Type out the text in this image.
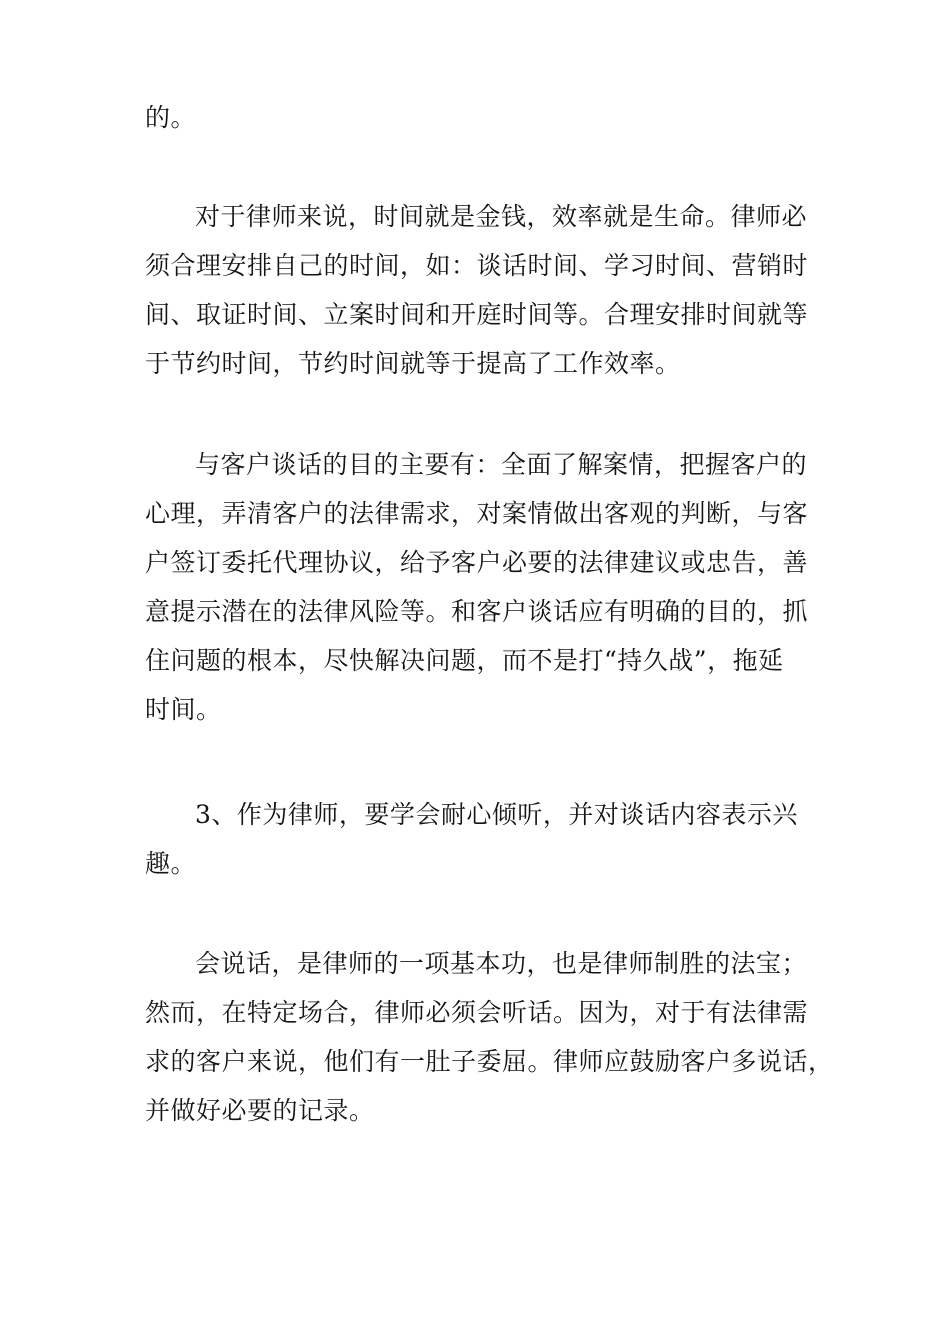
的。
对于律师来说，时间就是金钱，效率就是生命。律师必
须合理安排自己的时间，如：谈话时间、学习时间、营销时
间、取证时间、立案时间和开庭时间等。合理安排时间就等
于节约时间，节约时间就等于提高了工作效率。
与客户谈话的目的主要有：全面了解案情，把握客户的
心理，弄清客户的法律需求，对案情做出客观的判断，与客
户签订委托代理协议，给予客户必要的法律建议或忠告，善
意提示潜在的法律风险等。和客户谈话应有明确的目的，抓
住问题的根本，尽快解决问题，而不是打“持久战”，拖延
时间。
3、作为律师，要学会耐心倾听，并对谈话内容表示兴
趣。
会说话，是律师的一项基本功，也是律师制胜的法宝；
然而，在特定场合，律师必须会听话。因为，对于有法律需
求的客户来说，他们有一肚子委屈。律师应鼓励客户多说话，
并做好必要的记录。
